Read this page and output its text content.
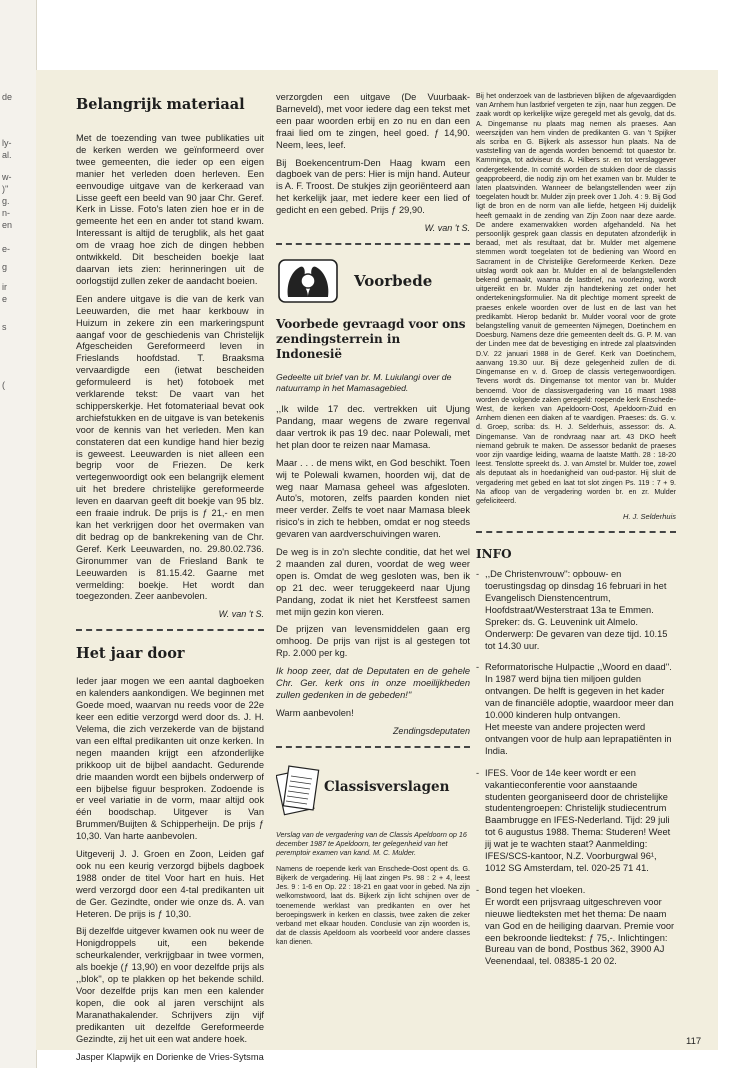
de
ly-
al.
w-
)''
g.
n-
en
e-
g
ir
e
s
(
Belangrijk materiaal

Met de toezending van twee publikaties uit de kerken werden we geïnformeerd over twee gemeenten, die ieder op een eigen manier het verleden doen herleven. Een eenvoudige uitgave van de kerkeraad van Lisse geeft een beeld van 90 jaar Chr. Geref. Kerk in Lisse. Foto's laten zien hoe er in de gemeente het een en ander tot stand kwam. Interessant is altijd de terugblik, als het gaat om de vraag hoe zich de dingen hebben ontwikkeld. Dit bescheiden boekje laat daarvan iets zien: herinneringen uit de oorlogstijd zullen zeker de aandacht boeien.

Een andere uitgave is die van de kerk van Leeuwarden, die met haar kerkbouw in Huizum in zekere zin een markeringspunt aangaf voor de geschiedenis van Christelijk Afgescheiden Gereformeerd leven in Frieslands hoofdstad. T. Braaksma vervaardigde een (ietwat bescheiden geformuleerd is het) fotoboek met verklarende tekst: De vaart van het schipperskerkje. Het fotomateriaal bevat ook archiefstukken en de uitgave is van betekenis voor de kennis van het verleden. Men kan constateren dat een kundige hand hier bezig is geweest. Leeuwarden is niet alleen een begrip voor de Friezen. De kerk vertegenwoordigt ook een belangrijk element uit het bredere christelijke gereformeerde leven en daarvan geeft dit boekje van 95 blz. een fraaie indruk. De prijs is ƒ 21,- en men kan het verkrijgen door het overmaken van dit bedrag op de bankrekening van de Chr. Geref. Kerk Leeuwarden, no. 29.80.02.736. Gironummer van de Friesland Bank te Leeuwarden is 81.15.42. Gaarne met vermelding: boekje. Het wordt dan toegezonden. Zeer aanbevolen.

W. van 't S.
Het jaar door

Ieder jaar mogen we een aantal dagboeken en kalenders aankondigen. We beginnen met Goede moed, waarvan nu reeds voor de 22e keer een editie verzorgd werd door ds. J. H. Velema, die zich verzekerde van de bijstand van een elftal predikanten uit onze kerken. In negen maanden krijgt een afzonderlijke prikkoop uit de bijbel aandacht. Gedurende drie maanden wordt een bijbels onderwerp of een bijbelse figuur besproken. Zodoende is er veel variatie in de vorm, maar altijd ook één boodschap. Uitgever is Van Brummen/Buijten & Schipperheijn. De prijs ƒ 10,30. Van harte aanbevolen.

Uitgeverij J. J. Groen en Zoon, Leiden gaf ook nu een keurig verzorgd bijbels dagboek 1988 onder de titel Voor hart en huis. Het werd verzorgd door een 4-tal predikanten uit de Ger. Gezindte, onder wie onze ds. A. van Heteren. De prijs is ƒ 10,30.

Bij dezelfde uitgever kwamen ook nu weer de Honigdroppels uit, een bekende scheurkalender, verkrijgbaar in twee vormen, als boekje (ƒ 13,90) en voor dezelfde prijs als ,,blok'', op te plakken op het bekende schild. Voor dezelfde prijs kan men een kalender kopen, die ook al jaren verschijnt als Maranathakalender. Schrijvers zijn vijf predikanten uit dezelfde Gereformeerde Gezindte, zij het uit een wat andere hoek.

Jasper Klapwijk en Dorienke de Vries-Sytsma

verzorgden een uitgave (De Vuurbaak-Barneveld), met voor iedere dag een tekst met een paar woorden erbij en zo nu en dan een fraai lied om te zingen, heel goed. ƒ 14,90. Neem, lees, leef.

Bij Boekencentrum-Den Haag kwam een dagboek van de pers: Hier is mijn hand. Auteur is A. F. Troost. De stukjes zijn georiënteerd aan het kerkelijk jaar, met iedere keer een lied of gedicht en een gebed. Prijs ƒ 29,90.

W. van 't S.
Voorbede
Voorbede gevraagd voor ons zendingsterrein in Indonesië
Gedeelte uit brief van br. M. Luiulangi over de natuurramp in het Mamasagebied.

,,Ik wilde 17 dec. vertrekken uit Ujung Pandang, maar wegens de zware regenval daar vertrok ik pas 19 dec. naar Polewali, met het plan door te reizen naar Mamasa.

Maar . . . de mens wikt, en God beschikt. Toen wij te Polewali kwamen, hoorden wij, dat de weg naar Mamasa geheel was afgesloten. Auto's, motoren, zelfs paarden konden niet meer verder. Zelfs te voet naar Mamasa bleek risico's in zich te hebben, omdat er nog steeds gevaren van aardverschuivingen waren.

De weg is in zo'n slechte conditie, dat het wel 2 maanden zal duren, voordat de weg weer open is. Omdat de weg gesloten was, ben ik op 21 dec. weer teruggekeerd naar Ujung Pandang, zodat ik niet het Kerstfeest samen met mijn gezin kon vieren.

De prijzen van levensmiddelen gaan erg omhoog. De prijs van rijst is al gestegen tot Rp. 2.000 per kg.

Ik hoop zeer, dat de Deputaten en de gehele Chr. Ger. kerk ons in onze moeilijkheden zullen gedenken in de gebeden!''

Warm aanbevolen!

Zendingsdeputaten
Classisverslagen
Verslag van de vergadering van de Classis Apeldoorn op 16 december 1987 te Apeldoorn, ter gelegenheid van het peremptoir examen van kand. M. C. Mulder.

Namens de roepende kerk van Enschede-Oost opent ds. G. Bijkerk de vergadering. Hij laat zingen Ps. 98 : 2 + 4, leest Jes. 9 : 1-6 en Op. 22 : 18-21 en gaat voor in gebed. Na zijn welkomstwoord, laat ds. Bijkerk zijn licht schijnen over de toenemende werklast van predikanten en over het beroepingswerk in kerken en classis, twee zaken die zeker verband met elkaar houden. Conclusie van zijn woorden is, dat de classis Apeldoorn als voorbeeld voor andere classes kan dienen.

Bij het onderzoek van de lastbrieven blijken de afgevaardigden van Arnhem hun lastbrief vergeten te zijn, naar hun zeggen. De zaak wordt op kerkelijke wijze geregeld met als gevolg, dat ds. A. Dingemanse nu plaats mag nemen als praeses. Aan weerszijden van hem vinden de predikanten G. van 't Spijker als scriba en G. Bijkerk als assessor hun plaats. Na de vaststelling van de agenda worden benoemd: tot quaestor br. Kamminga, tot adviseur ds. A. Hilbers sr. en tot verslaggever ondergetekende. In comité worden de stukken door de classis geapprobeerd, die nodig zijn om het examen van br. Mulder te laten plaatsvinden. Wanneer de belangstellenden weer zijn toegelaten houdt br. Mulder zijn preek over 1 Joh. 4 : 9. Bij God ligt de bron en de norm van alle liefde, hetgeen Hij duidelijk heeft gemaakt in de zending van Zijn Zoon naar deze aarde. De andere examenvakken worden afgehandeld. Na het persoonlijk gesprek gaan classis en deputaten afzonderlijk in beraad, met als resultaat, dat br. Mulder met algemene stemmen wordt toegelaten tot de bediening van Woord en Sacrament in de Christelijke Gereformeerde Kerken. Deze uitslag wordt ook aan br. Mulder en al de belangstellenden bekend gemaakt, waarna de lastbrief, na voorlezing, wordt uitgereikt en br. Mulder zijn handtekening zet onder het ondertekeningsformulier. Na dit plechtige moment spreekt de praeses enkele woorden over de lust en de last van het predikambt. Hierop bedankt br. Mulder vooral voor de grote belangstelling vanuit de gemeenten Nijmegen, Doetinchem en Doesburg. Namens deze drie gemeenten deelt ds. G. P. M. van der Linden mee dat de bevestiging en intrede zal plaatsvinden D.V. 22 januari 1988 in de Geref. Kerk van Doetinchem, aanvang 19.30 uur. Bij deze gelegenheid zullen de di. Dingemanse en v. d. Groep de classis vertegenwoordigen. Tevens wordt ds. Dingemanse tot mentor van br. Mulder benoemd. Voor de classisvergadering van 16 maart 1988 worden de volgende zaken geregeld: roepende kerk Enschede-West, de kerken van Apeldoorn-Oost, Apeldoorn-Zuid en Arnhem dienen een diaken af te vaardigen. Praeses: ds. G. v. d. Groep, scriba: ds. H. J. Selderhuis, assessor: ds. A. Dingemanse. Van de rondvraag naar art. 43 DKO heeft niemand gebruik te maken. De assessor bedankt de praeses voor zijn vaardige leiding, waarna de laatste Matth. 28 : 18-20 leest. Tenslotte spreekt ds. J. van Amstel br. Mulder toe, zowel als deputaat als in hoedanigheid van oud-pastor. Hij sluit de vergadering met gebed en laat tot slot zingen Ps. 119 : 7 + 9. Na afloop van de vergadering worden br. en zr. Mulder gefeliciteerd.

H. J. Selderhuis
INFO
- ,,De Christenvrouw'': opbouw- en toerustingsdag op dinsdag 16 februari in het Evangelisch Dienstencentrum, Hoofdstraat/Westerstraat 13a te Emmen. Spreker: ds. G. Leuvenink uit Almelo. Onderwerp: De gevaren van deze tijd. 10.15 tot 14.30 uur.

- Reformatorische Hulpactie ,,Woord en daad''.

In 1987 werd bijna tien miljoen gulden ontvangen. De helft is gegeven in het kader van de financiële adoptie, waardoor meer dan 10.000 kinderen hulp ontvangen.

Het meeste van andere projecten werd ontvangen voor de hulp aan leprapatiënten in India.

- IFES. Voor de 14e keer wordt er een vakantieconferentie voor aanstaande studenten georganiseerd door de christelijke studentengroepen: Christelijk studiecentrum Baambrugge en IFES-Nederland. Tijd: 29 juli tot 6 augustus 1988. Thema: Studeren! Weet jij wat je te wachten staat? Aanmelding: IFES/SCS-kantoor, N.Z. Voorburgwal 96¹, 1012 SG Amsterdam, tel. 020-25 71 41.

- Bond tegen het vloeken.

Er wordt een prijsvraag uitgeschreven voor nieuwe liedteksten met het thema: De naam van God en de heiliging daarvan. Premie voor een bekroonde liedtekst: ƒ 75,-. Inlichtingen: Bureau van de bond, Postbus 362, 3900 AJ Veenendaal, tel. 08385-1 20 02.

117
